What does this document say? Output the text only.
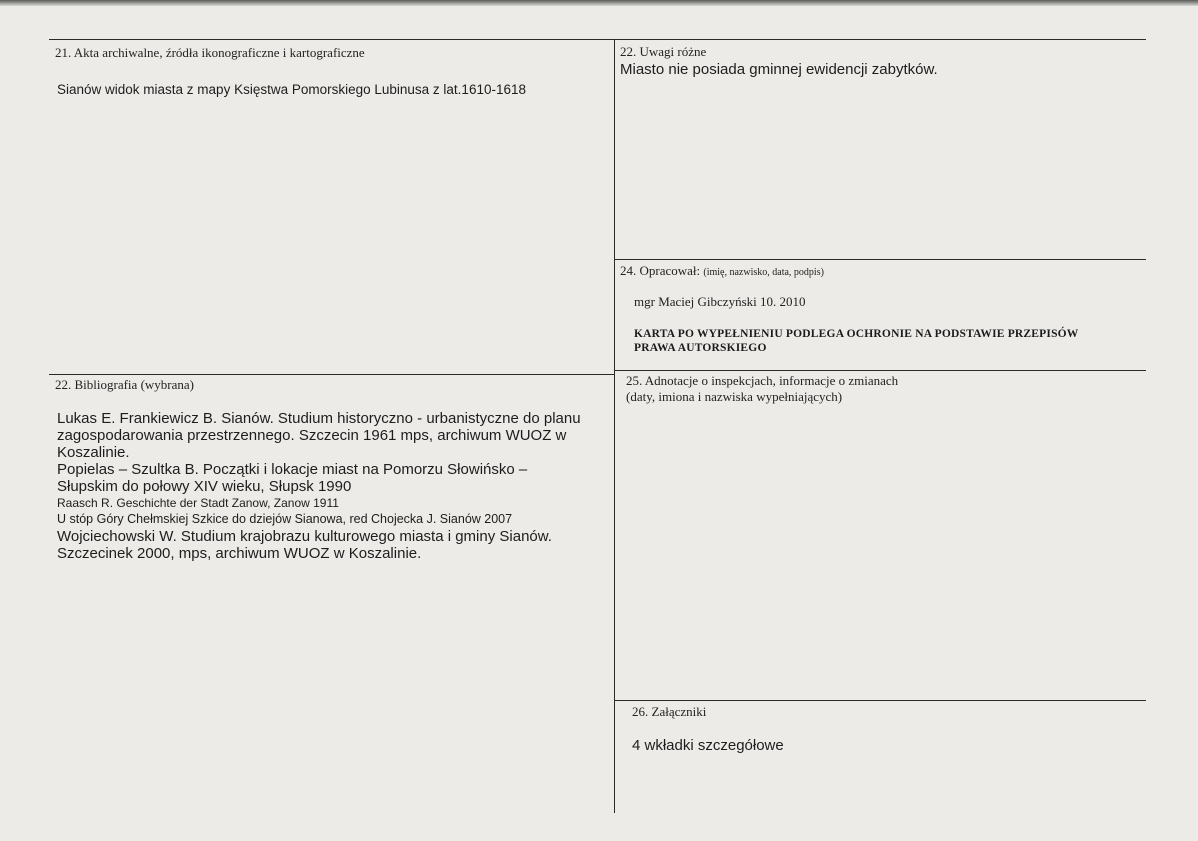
21. Akta archiwalne, źródła ikonograficzne i kartograficzne
Sianów widok miasta z mapy Księstwa Pomorskiego Lubinusa z lat.1610-1618
22. Uwagi różne
Miasto nie posiada gminnej ewidencji zabytków.
24. Opracował: (imię, nazwisko, data, podpis)
mgr Maciej Gibczyński 10. 2010
KARTA PO WYPEŁNIENIU PODLEGA OCHRONIE NA PODSTAWIE PRZEPISÓW
PRAWA AUTORSKIEGO
22. Bibliografia (wybrana)
Lukas E. Frankiewicz B. Sianów. Studium historyczno - urbanistyczne do planu
zagospodarowania przestrzennego. Szczecin 1961 mps, archiwum WUOZ w
Koszalinie.
Popielas – Szultka B. Początki i lokacje miast na Pomorzu Słowińsko –
Słupskim do połowy XIV wieku, Słupsk 1990
Raasch R. Geschichte der Stadt Zanow, Zanow 1911
U stóp Góry Chełmskiej Szkice do dziejów Sianowa, red Chojecka J. Sianów 2007
Wojciechowski W. Studium krajobrazu kulturowego miasta i gminy Sianów.
Szczecinek 2000, mps, archiwum WUOZ w Koszalinie.
25. Adnotacje o inspekcjach, informacje o zmianach
(daty, imiona i nazwiska wypełniających)
26. Załączniki
4 wkładki szczegółowe
